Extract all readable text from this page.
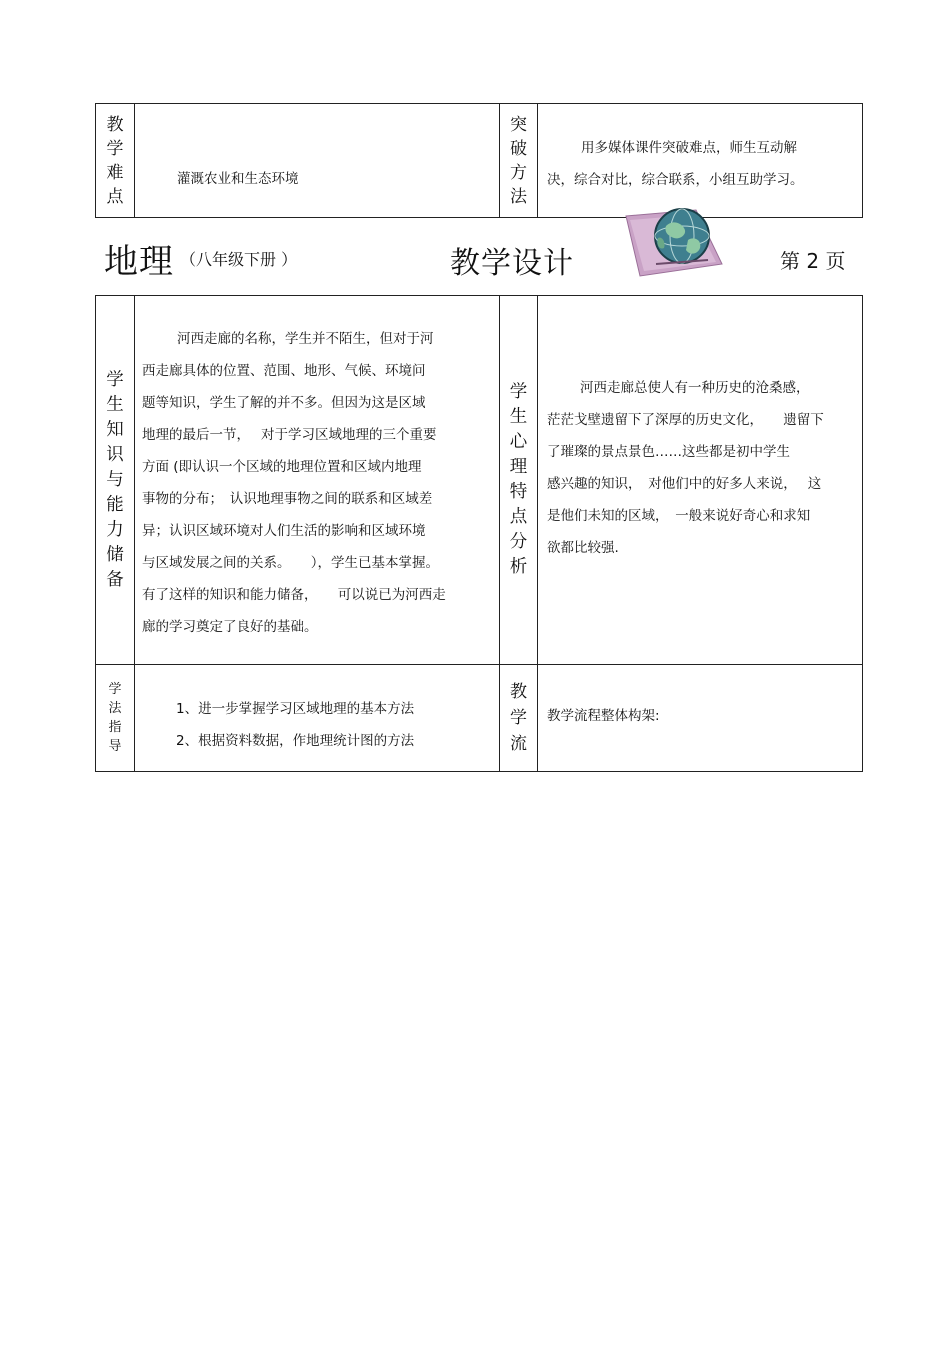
教
学
难
点

灌溉农业和生态环境

突
破
方
法

用多媒体课件突破难点，师生互动解

决，综合对比，综合联系，小组互助学习。

地理 （八年级下册 ）	教学设计	第 2 页
学
生
知
识
与
能
力
储
备

河西走廊的名称，学生并不陌生，但对于河

西走廊具体的位置、范围、地形、气候、环境问

题等知识，学生了解的并不多。但因为这是区域

地理的最后一节，　 对于学习区域地理的三个重要

方面 (即认识一个区域的地理位置和区域内地理

事物的分布；　认识地理事物之间的联系和区域差

异；认识区域环境对人们生活的影响和区域环境

与区域发展之间的关系。　　），学生已基本掌握。

有了这样的知识和能力储备，　　可以说已为河西走

廊的学习奠定了良好的基础。

学
生
心
理
特
点
分
析

河西走廊总使人有一种历史的沧桑感，

茫茫戈壁遗留下了深厚的历史文化，　　遗留下

了璀璨的景点景色……这些都是初中学生

感兴趣的知识，　对他们中的好多人来说，　 这

是他们未知的区域，　一般来说好奇心和求知

欲都比较强.

学
法
指
导

1、进一步掌握学习区域地理的基本方法

2、根据资料数据，作地理统计图的方法

教
学
流

教学流程整体构架:
